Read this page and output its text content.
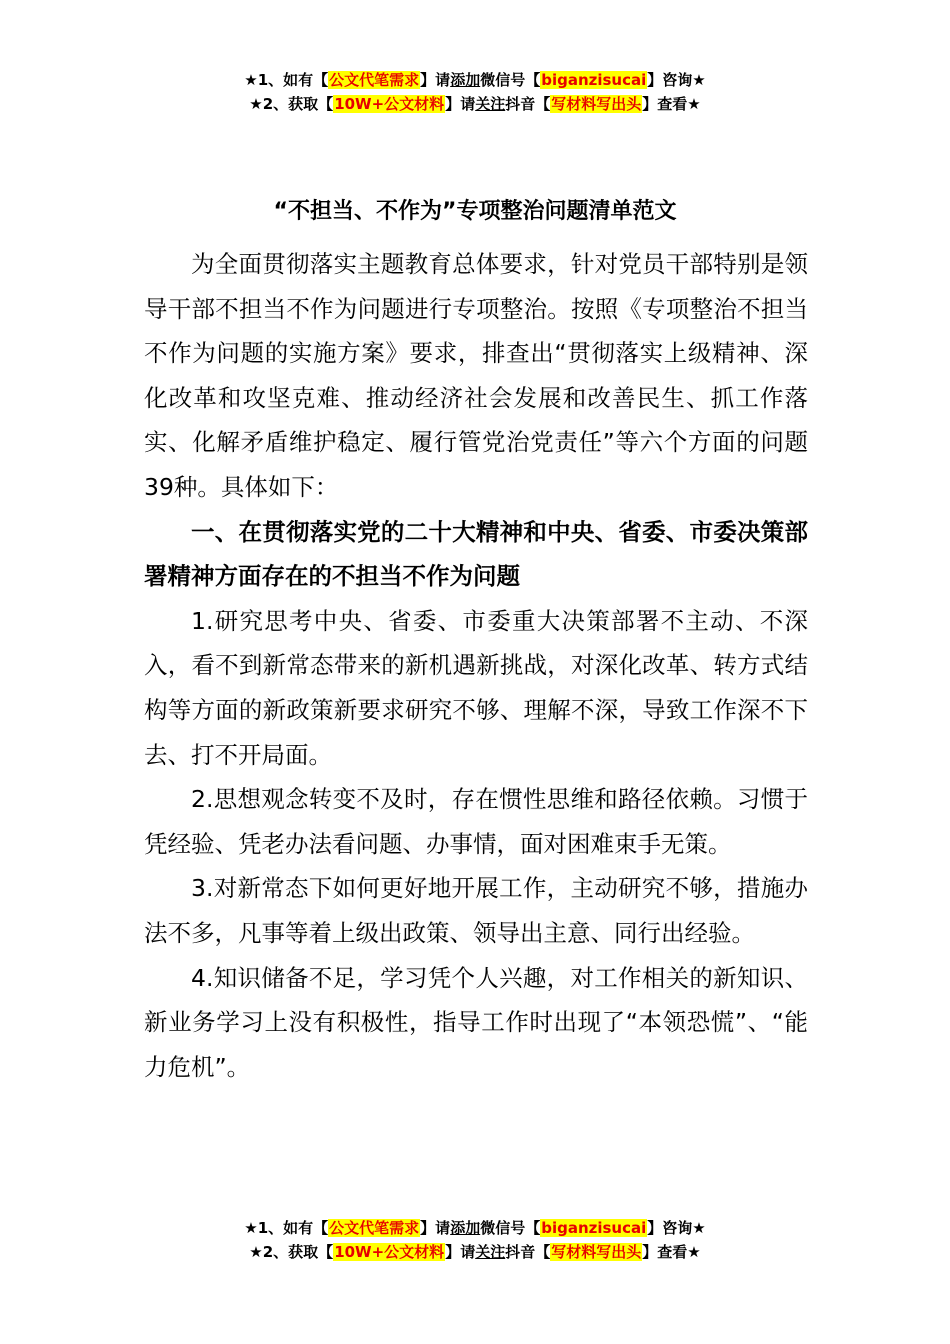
★1、如有【公文代笔需求】请添加微信号【biganzisucai】咨询★
★2、获取【10W+公文材料】请关注抖音【写材料写出头】查看★
“不担当、不作为”专项整治问题清单范文

为全面贯彻落实主题教育总体要求，针对党员干部特别是领导干部不担当不作为问题进行专项整治。按照《专项整治不担当不作为问题的实施方案》要求，排查出“贯彻落实上级精神、深化改革和攻坚克难、推动经济社会发展和改善民生、抓工作落实、化解矛盾维护稳定、履行管党治党责任”等六个方面的问题39种。具体如下：

一、在贯彻落实党的二十大精神和中央、省委、市委决策部署精神方面存在的不担当不作为问题

1.研究思考中央、省委、市委重大决策部署不主动、不深入，看不到新常态带来的新机遇新挑战，对深化改革、转方式结构等方面的新政策新要求研究不够、理解不深，导致工作深不下去、打不开局面。

2.思想观念转变不及时，存在惯性思维和路径依赖。习惯于凭经验、凭老办法看问题、办事情，面对困难束手无策。

3.对新常态下如何更好地开展工作，主动研究不够，措施办法不多，凡事等着上级出政策、领导出主意、同行出经验。

4.知识储备不足，学习凭个人兴趣，对工作相关的新知识、新业务学习上没有积极性，指导工作时出现了“本领恐慌”、“能力危机”。

★1、如有【公文代笔需求】请添加微信号【biganzisucai】咨询★
★2、获取【10W+公文材料】请关注抖音【写材料写出头】查看★
